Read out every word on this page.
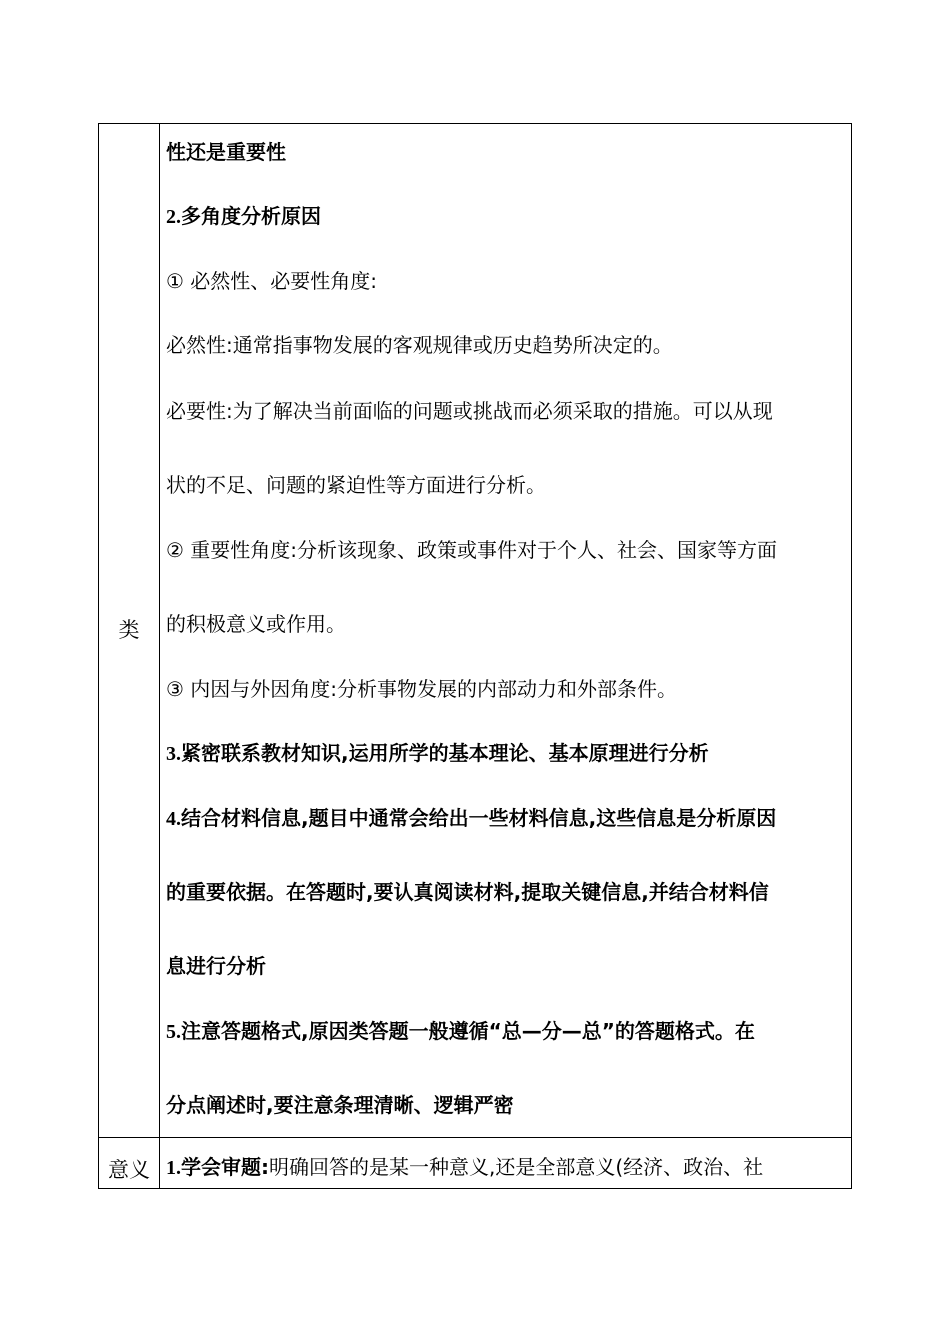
类
性还是重要性
2.多角度分析原因
① 必然性、必要性角度:
必然性:通常指事物发展的客观规律或历史趋势所决定的。
必要性:为了解决当前面临的问题或挑战而必须采取的措施。可以从现
状的不足、问题的紧迫性等方面进行分析。
② 重要性角度:分析该现象、政策或事件对于个人、社会、国家等方面
的积极意义或作用。
③ 内因与外因角度:分析事物发展的内部动力和外部条件。
3.紧密联系教材知识,运用所学的基本理论、基本原理进行分析
4.结合材料信息,题目中通常会给出一些材料信息,这些信息是分析原因
的重要依据。在答题时,要认真阅读材料,提取关键信息,并结合材料信
息进行分析
5.注意答题格式,原因类答题一般遵循“总—分—总”的答题格式。在
分点阐述时,要注意条理清晰、逻辑严密
意义 1.学会审题:明确回答的是某一种意义,还是全部意义(经济、政治、社
